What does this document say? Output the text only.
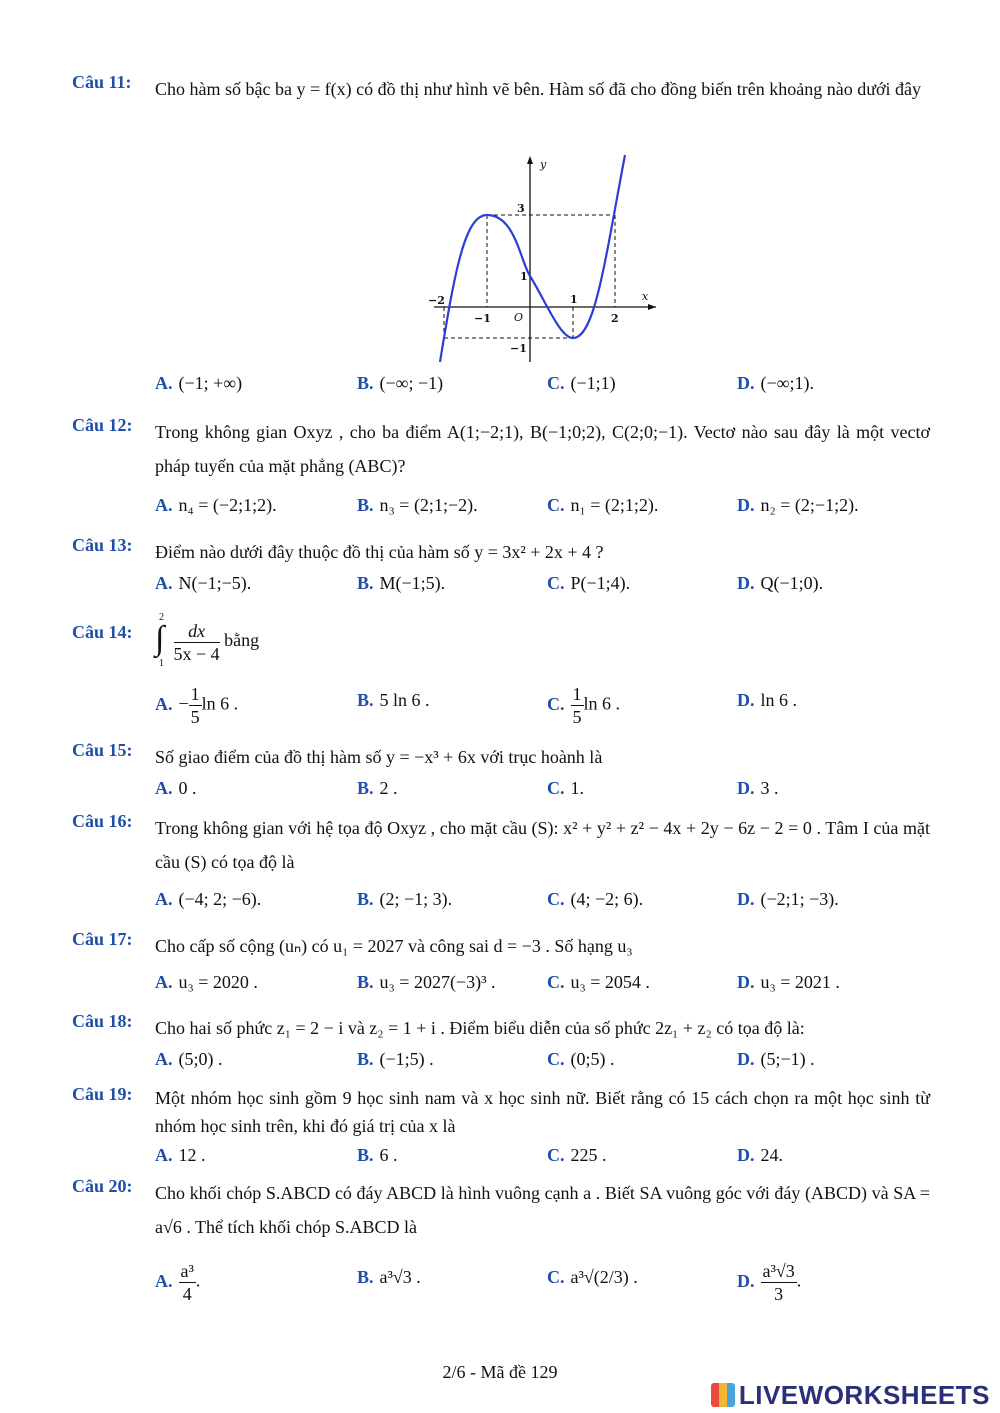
Câu 11: Cho hàm số bậc ba y = f(x) có đồ thị như hình vẽ bên. Hàm số đã cho đồng biến trên khoảng nào dưới đây
y
x
O
3
1
−1
−2
−1
1
2
A. (−1; +∞)	B. (−∞; −1)	C. (−1;1)	D. (−∞;1).
Câu 12: Trong không gian Oxyz , cho ba điểm A(1;−2;1), B(−1;0;2), C(2;0;−1). Vectơ nào sau đây là một vectơ pháp tuyến của mặt phẳng (ABC)?
A. n₄ = (−2;1;2).	B. n₃ = (2;1;−2).	C. n₁ = (2;1;2).	D. n₂ = (2;−1;2).
Câu 13: Điểm nào dưới đây thuộc đồ thị của hàm số y = 3x² + 2x + 4 ?
A. N(−1;−5).	B. M(−1;5).	C. P(−1;4).	D. Q(−1;0).
Câu 14:
2
∫
1
$\frac{dx}{5x - 4}$ bằng
A. − $\frac{1}{5}$ ln 6 .	B. 5 ln 6 .	C. $\frac{1}{5}$ ln 6 .	D. ln 6 .
Câu 15: Số giao điểm của đồ thị hàm số y = −x³ + 6x với trục hoành là
A. 0 .	B. 2 .	C. 1.	D. 3 .
Câu 16: Trong không gian với hệ tọa độ Oxyz , cho mặt cầu (S): x² + y² + z² − 4x + 2y − 6z − 2 = 0 . Tâm I của mặt cầu (S) có tọa độ là
A. (−4; 2; −6).	B. (2; −1; 3).	C. (4; −2; 6).	D. (−2;1; −3).
Câu 17: Cho cấp số cộng (uₙ) có u₁ = 2027 và công sai d = −3 . Số hạng u₃
A. u₃ = 2020 .	B. u₃ = 2027(−3)³ .	C. u₃ = 2054 .	D. u₃ = 2021 .
Câu 18: Cho hai số phức z₁ = 2 − i và z₂ = 1 + i . Điểm biểu diễn của số phức 2z₁ + z₂ có tọa độ là:
A. (5;0) .	B. (−1;5) .	C. (0;5) .	D. (5;−1) .
Câu 19: Một nhóm học sinh gồm 9 học sinh nam và x học sinh nữ. Biết rằng có 15 cách chọn ra một học sinh từ nhóm học sinh trên, khi đó giá trị của x là
A. 12 .	B. 6 .	C. 225 .	D. 24.
Câu 20: Cho khối chóp S.ABCD có đáy ABCD là hình vuông cạnh a . Biết SA vuông góc với đáy (ABCD) và SA = a√6 . Thể tích khối chóp S.ABCD là
A. $\frac{\text{a³}}{4}$ .	B. a³√3 .	C. a³√(2/3) .	D. $\frac{\text{a³√3}}{3}$ .
2/6 - Mã đề 129
LIVEWORKSHEETS
